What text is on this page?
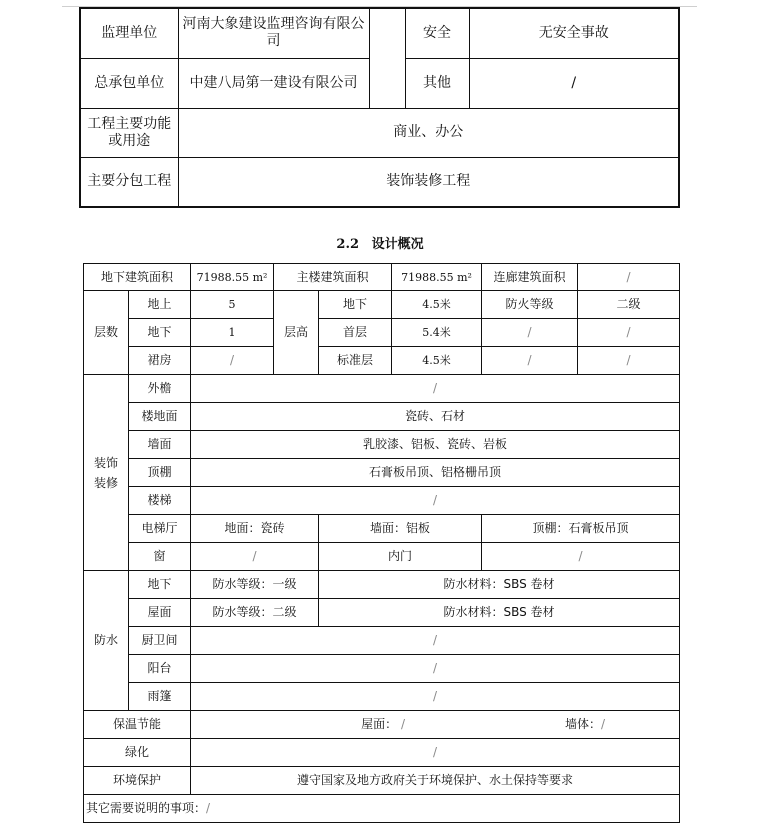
监理单位	河南大象建设监理咨询有限公司		安全	无安全事故
总承包单位	中建八局第一建设有限公司		其他	/
工程主要功能或用途	商业、办公			
主要分包工程	装饰装修工程			
2.2 设计概况
地下建筑面积		71988.55 m²	主楼建筑面积		71988.55 m²	连廊建筑面积	/
层数	地上	5	层高	地下	4.5米	防火等级	二级
	地下	1		首层	5.4米	/	/
	裙房	/		标准层	4.5米	/	/
装饰装修	外檐	/					
	楼地面	瓷砖、石材					
	墙面	乳胶漆、铝板、瓷砖、岩板					
	顶棚	石膏板吊顶、铝格栅吊顶					
	楼梯	/					
	电梯厅	地面：瓷砖		墙面：铝板		顶棚：石膏板吊顶	
	窗	/		内门		/	
防水	地下	防水等级：一级		防水材料：SBS 卷材			
	屋面	防水等级：二级		防水材料：SBS 卷材			
	厨卫间	/					
	阳台	/					
	雨篷	/					
保温节能		屋面： / 墙体：/					
绿化		/					
环境保护		遵守国家及地方政府关于环境保护、水土保持等要求					
其它需要说明的事项：/							
